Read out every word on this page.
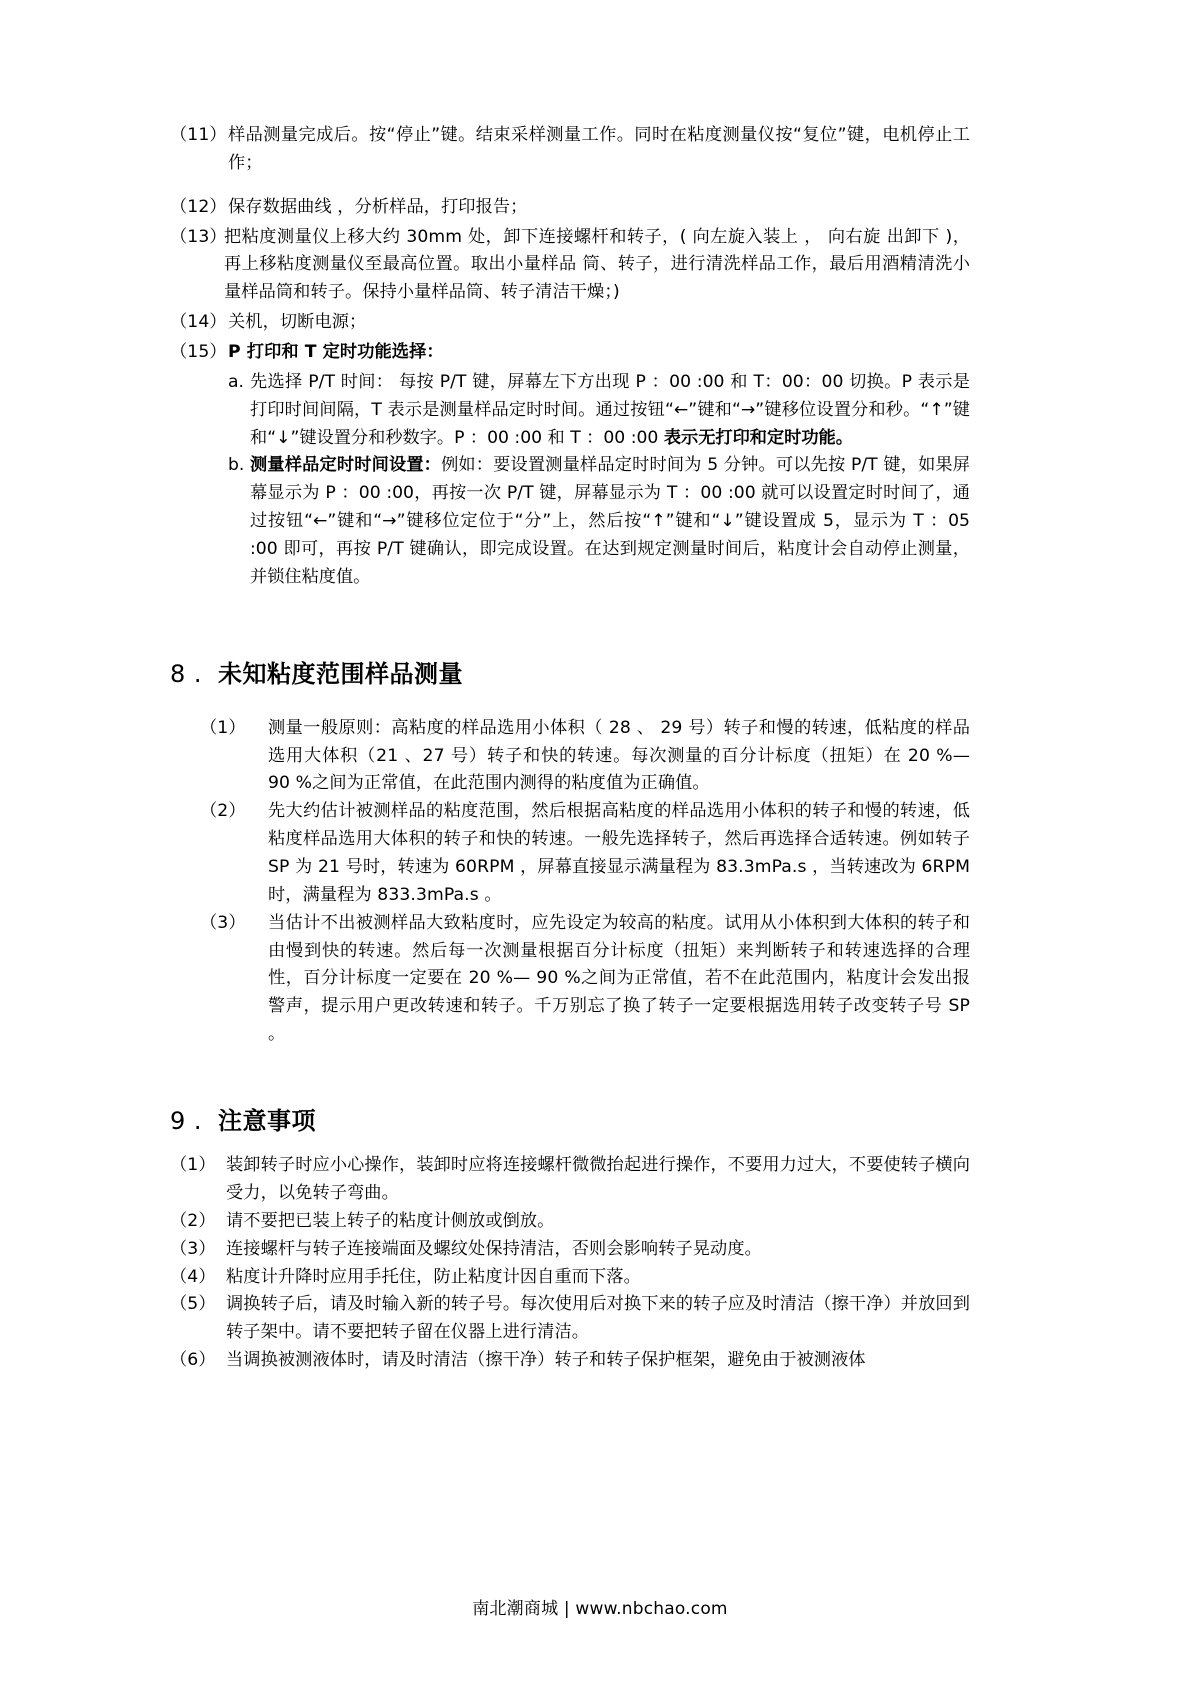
（11） 样品测量完成后。按“停止”键。结束采样测量工作。同时在粘度测量仪按“复位”键，电机停止工作；
（12） 保存数据曲线 ，分析样品，打印报告；
（13）
把粘度测量仪上移大约 30mm 处，卸下连接螺杆和转子，( 向左旋入装上 ， 向右旋 出卸下 )， 再上移粘度测量仪至最高位置。取出小量样品 筒、转子，进行清洗样品工作，最后用酒精清洗小量样品筒和转子。保持小量样品筒、转子清洁干燥；)
（14） 关机，切断电源；
（15） P 打印和 T 定时功能选择：
a. 先选择 P/T 时间： 每按 P/T 键，屏幕左下方出现 P ：00 :00 和 T：00：00 切换。P 表示是打印时间间隔，T 表示是测量样品定时时间。通过按钮“←”键和“→”键移位设置分和秒。“↑”键和“↓”键设置分和秒数字。P ：00 :00 和 T ：00 :00 表示无打印和定时功能。
b. 测量样品定时时间设置：例如：要设置测量样品定时时间为 5 分钟。可以先按 P/T 键，如果屏幕显示为 P ：00 :00，再按一次 P/T 键，屏幕显示为 T ：00 :00 就可以设置定时时间了，通过按钮“←”键和“→”键移位定位于“分”上，然后按“↑”键和“↓”键设置成 5，显示为 T ：05 :00 即可，再按 P/T 键确认，即完成设置。在达到规定测量时间后，粘度计会自动停止测量，并锁住粘度值。
8 . 未知粘度范围样品测量
（1）	测量一般原则：高粘度的样品选用小体积（ 28 、 29 号）转子和慢的转速，低粘度的样品选用大体积（21 、27 号）转子和快的转速。每次测量的百分计标度（扭矩）在 20 %— 90 %之间为正常值，在此范围内测得的粘度值为正确值。
（2）	先大约估计被测样品的粘度范围，然后根据高粘度的样品选用小体积的转子和慢的转速，低粘度样品选用大体积的转子和快的转速。一般先选择转子，然后再选择合适转速。例如转子 SP 为 21 号时，转速为 60RPM ，屏幕直接显示满量程为 83.3mPa.s ，当转速改为 6RPM 时，满量程为 833.3mPa.s 。
（3）	当估计不出被测样品大致粘度时，应先设定为较高的粘度。试用从小体积到大体积的转子和由慢到快的转速。然后每一次测量根据百分计标度（扭矩）来判断转子和转速选择的合理性，百分计标度一定要在 20 %— 90 %之间为正常值，若不在此范围内，粘度计会发出报警声，提示用户更改转速和转子。千万别忘了换了转子一定要根据选用转子改变转子号 SP 。
9 . 注意事项
（1） 装卸转子时应小心操作，装卸时应将连接螺杆微微抬起进行操作，不要用力过大，不要使转子横向受力，以免转子弯曲。
（2） 请不要把已装上转子的粘度计侧放或倒放。
（3） 连接螺杆与转子连接端面及螺纹处保持清洁，否则会影响转子晃动度。
（4） 粘度计升降时应用手托住，防止粘度计因自重而下落。
（5） 调换转子后，请及时输入新的转子号。每次使用后对换下来的转子应及时清洁（擦干净）并放回到转子架中。请不要把转子留在仪器上进行清洁。
（6） 当调换被测液体时，请及时清洁（擦干净）转子和转子保护框架，避免由于被测液体
南北潮商城 | www.nbchao.com
